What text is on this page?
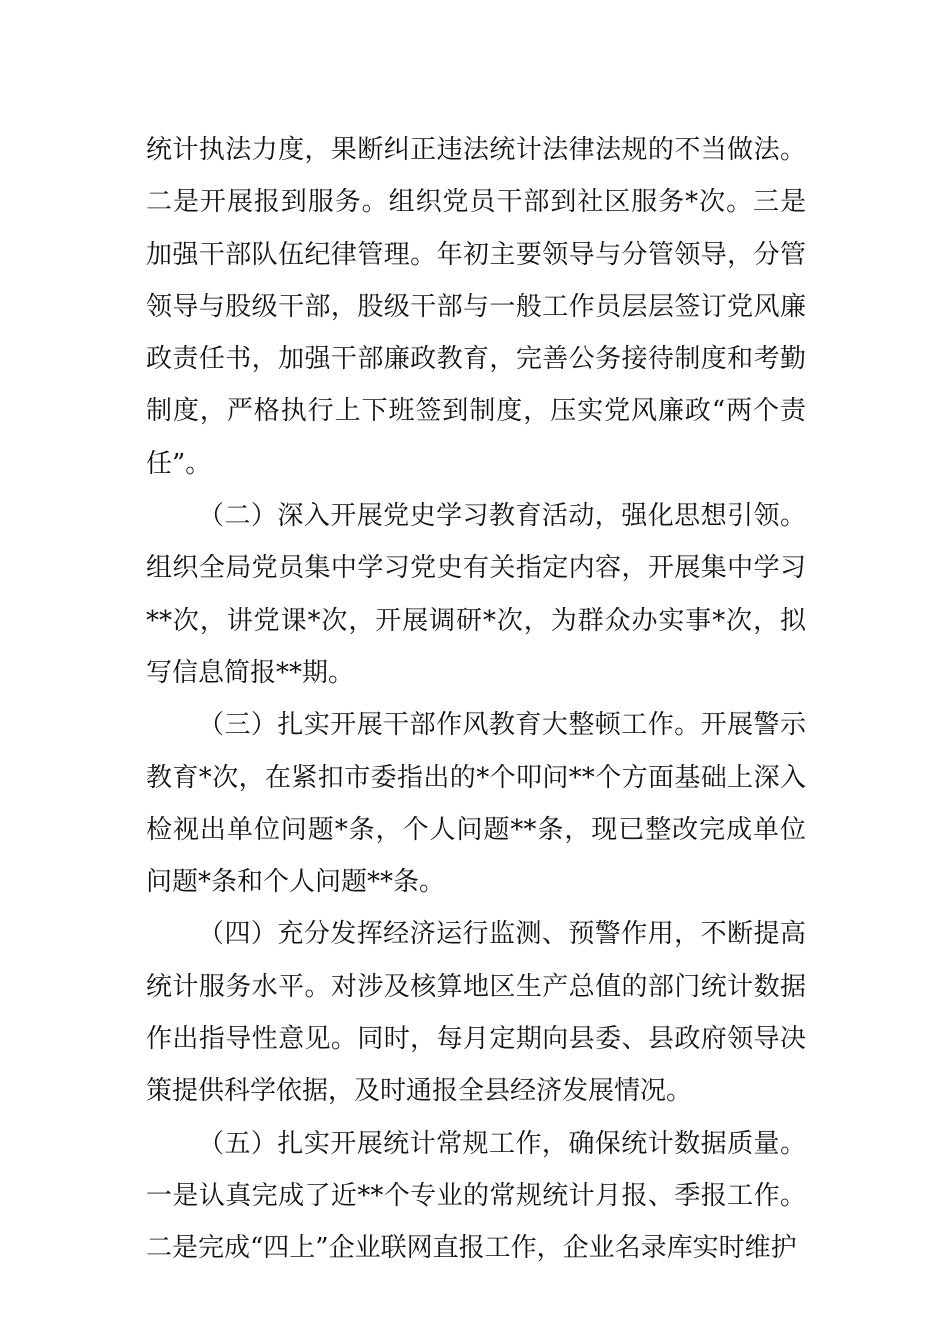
统计执法力度，果断纠正违法统计法律法规的不当做法。二是开展报到服务。组织党员干部到社区服务*次。三是加强干部队伍纪律管理。年初主要领导与分管领导，分管领导与股级干部，股级干部与一般工作员层层签订党风廉政责任书，加强干部廉政教育，完善公务接待制度和考勤制度，严格执行上下班签到制度，压实党风廉政“两个责任”。

（二）深入开展党史学习教育活动，强化思想引领。组织全局党员集中学习党史有关指定内容，开展集中学习**次，讲党课*次，开展调研*次，为群众办实事*次，拟写信息简报**期。

（三）扎实开展干部作风教育大整顿工作。开展警示教育*次，在紧扣市委指出的*个叩问**个方面基础上深入检视出单位问题*条，个人问题**条，现已整改完成单位问题*条和个人问题**条。

（四）充分发挥经济运行监测、预警作用，不断提高统计服务水平。对涉及核算地区生产总值的部门统计数据作出指导性意见。同时，每月定期向县委、县政府领导决策提供科学依据，及时通报全县经济发展情况。

（五）扎实开展统计常规工作，确保统计数据质量。一是认真完成了近**个专业的常规统计月报、季报工作。二是完成“四上”企业联网直报工作，企业名录库实时维护
